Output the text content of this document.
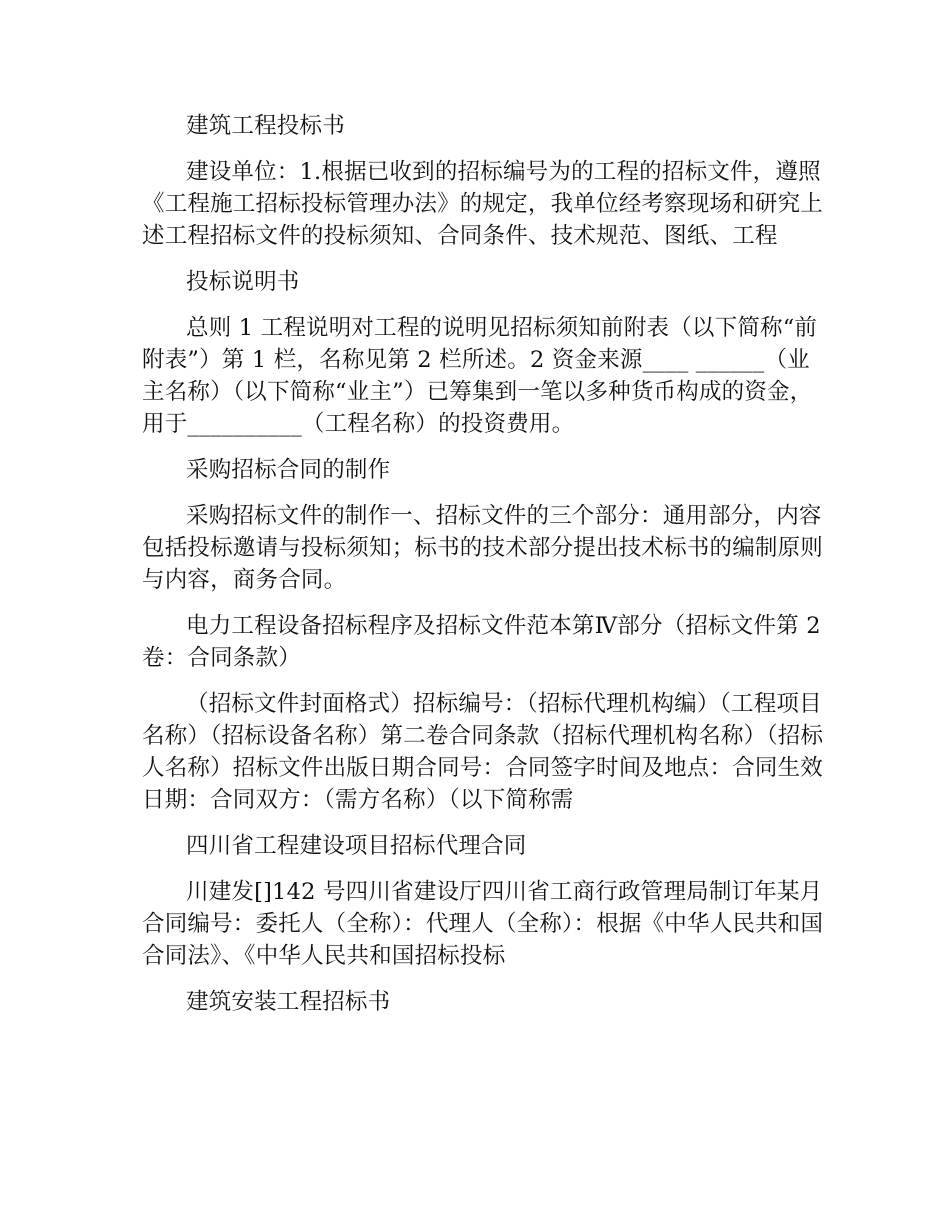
建筑工程投标书

建设单位：1.根据已收到的招标编号为的工程的招标文件，遵照《工程施工招标投标管理办法》的规定，我单位经考察现场和研究上述工程招标文件的投标须知、合同条件、技术规范、图纸、工程

投标说明书

总则 1 工程说明对工程的说明见招标须知前附表（以下简称“前附表”）第 1 栏，名称见第 2 栏所述。2 资金来源____ ______（业主名称）（以下简称“业主”）已筹集到一笔以多种货币构成的资金，用于__________（工程名称）的投资费用。

采购招标合同的制作

采购招标文件的制作一、招标文件的三个部分：通用部分，内容包括投标邀请与投标须知；标书的技术部分提出技术标书的编制原则与内容，商务合同。

电力工程设备招标程序及招标文件范本第Ⅳ部分（招标文件第 2 卷：合同条款）

（招标文件封面格式）招标编号：（招标代理机构编）（工程项目名称）（招标设备名称）第二卷合同条款（招标代理机构名称）（招标人名称）招标文件出版日期合同号：合同签字时间及地点：合同生效日期：合同双方：（需方名称）（以下简称需

四川省工程建设项目招标代理合同

川建发[]142 号四川省建设厅四川省工商行政管理局制订年某月合同编号：委托人（全称）：代理人（全称）：根据《中华人民共和国合同法》、《中华人民共和国招标投标

建筑安装工程招标书
